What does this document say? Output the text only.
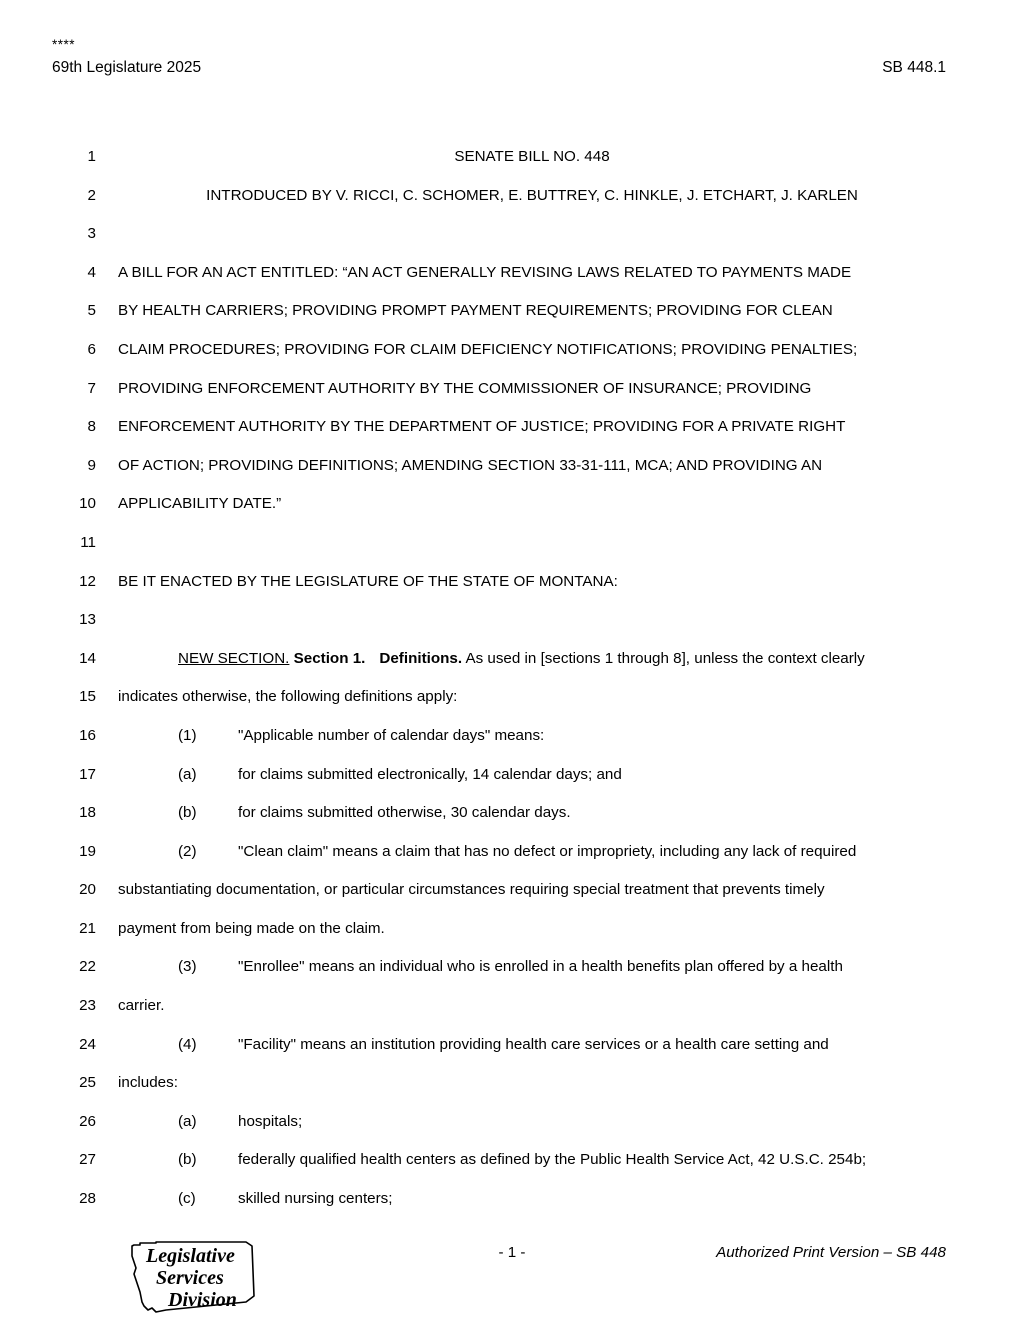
****
69th Legislature 2025	SB 448.1
1	SENATE BILL NO. 448
2	INTRODUCED BY V. RICCI, C. SCHOMER, E. BUTTREY, C. HINKLE, J. ETCHART, J. KARLEN
3
4 A BILL FOR AN ACT ENTITLED: “AN ACT GENERALLY REVISING LAWS RELATED TO PAYMENTS MADE
5 BY HEALTH CARRIERS; PROVIDING PROMPT PAYMENT REQUIREMENTS; PROVIDING FOR CLEAN
6 CLAIM PROCEDURES; PROVIDING FOR CLAIM DEFICIENCY NOTIFICATIONS; PROVIDING PENALTIES;
7 PROVIDING ENFORCEMENT AUTHORITY BY THE COMMISSIONER OF INSURANCE; PROVIDING
8 ENFORCEMENT AUTHORITY BY THE DEPARTMENT OF JUSTICE; PROVIDING FOR A PRIVATE RIGHT
9 OF ACTION; PROVIDING DEFINITIONS; AMENDING SECTION 33-31-111, MCA; AND PROVIDING AN
10 APPLICABILITY DATE.”
11
12 BE IT ENACTED BY THE LEGISLATURE OF THE STATE OF MONTANA:
13
14	NEW SECTION. Section 1. Definitions. As used in [sections 1 through 8], unless the context clearly
15 indicates otherwise, the following definitions apply:
16	(1)	"Applicable number of calendar days" means:
17	(a)	for claims submitted electronically, 14 calendar days; and
18	(b)	for claims submitted otherwise, 30 calendar days.
19	(2)	"Clean claim" means a claim that has no defect or impropriety, including any lack of required
20 substantiating documentation, or particular circumstances requiring special treatment that prevents timely
21 payment from being made on the claim.
22	(3)	"Enrollee" means an individual who is enrolled in a health benefits plan offered by a health
23 carrier.
24	(4)	"Facility" means an institution providing health care services or a health care setting and
25 includes:
26	(a)	hospitals;
27	(b)	federally qualified health centers as defined by the Public Health Service Act, 42 U.S.C. 254b;
28	(c)	skilled nursing centers;
Legislative
Services
Division
- 1 -	Authorized Print Version – SB 448
